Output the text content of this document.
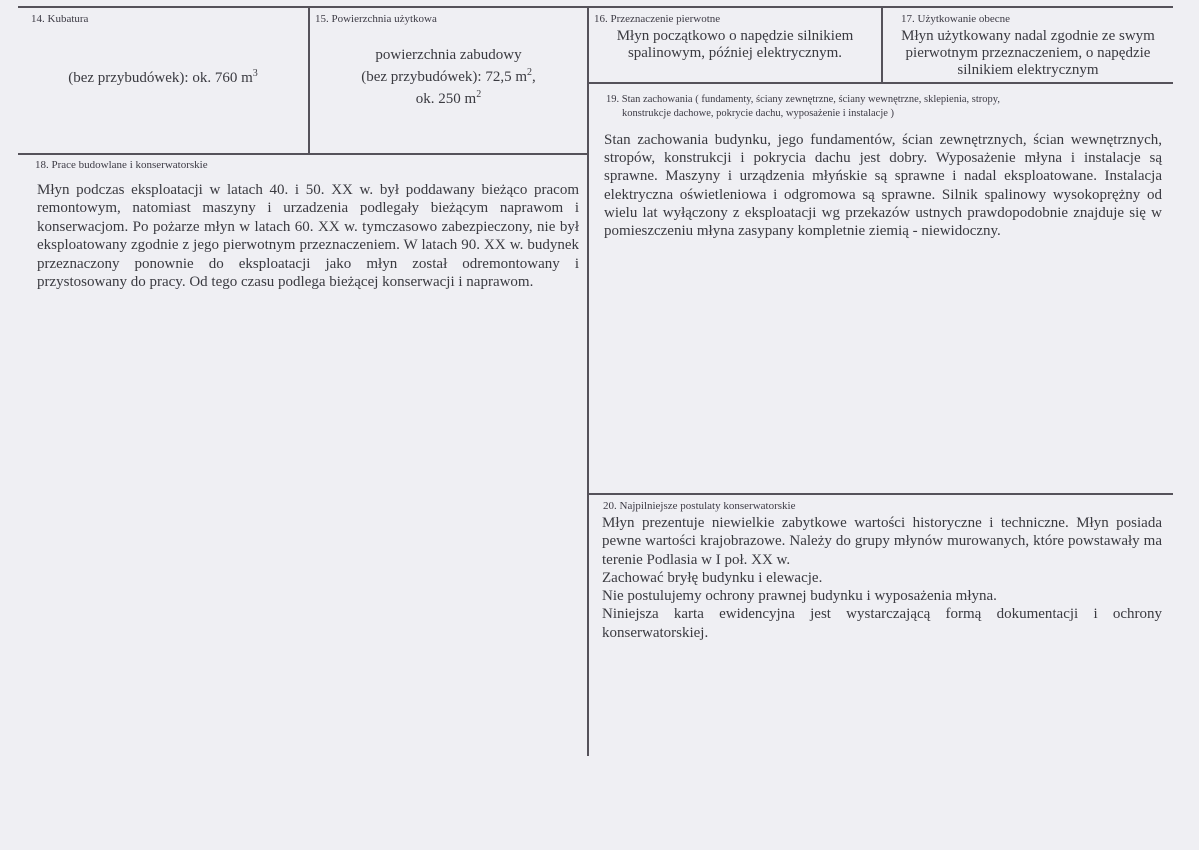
14. Kubatura
(bez przybudówek): ok. 760 $m^3$
15. Powierzchnia użytkowa
powierzchnia zabudowy
(bez przybudówek): 72,5 $m^2$,
ok. 250 $m^2$
16. Przeznaczenie pierwotne
Młyn początkowo o napędzie silnikiem spalinowym, później elektrycznym.
17. Użytkowanie obecne
Młyn użytkowany nadal zgodnie ze swym pierwotnym przeznaczeniem, o napędzie silnikiem elektrycznym
18. Prace budowlane i konserwatorskie
Młyn podczas eksploatacji w latach 40. i 50. XX w. był poddawany bieżąco pracom remontowym, natomiast maszyny i urzadzenia podlegały bieżącym naprawom i konserwacjom. Po pożarze młyn w latach 60. XX w. tymczasowo zabezpieczony, nie był eksploatowany zgodnie z jego pierwotnym przeznaczeniem. W latach 90. XX w. budynek przeznaczony ponownie do eksploatacji jako młyn został odremontowany i przystosowany do pracy. Od tego czasu podlega bieżącej konserwacji i naprawom.
19. Stan zachowania ( fundamenty, ściany zewnętrzne, ściany wewnętrzne, sklepienia, stropy,
konstrukcje dachowe, pokrycie dachu, wyposażenie i instalacje )
Stan zachowania budynku, jego fundamentów, ścian zewnętrznych, ścian wewnętrznych, stropów, konstrukcji i pokrycia dachu jest dobry. Wyposażenie młyna i instalacje są sprawne. Maszyny i urządzenia młyńskie są sprawne i nadal eksploatowane. Instalacja elektryczna oświetleniowa i odgromowa są sprawne. Silnik spalinowy wysokoprężny od wielu lat wyłączony z eksploatacji wg przekazów ustnych prawdopodobnie znajduje się w pomieszczeniu młyna zasypany kompletnie ziemią - niewidoczny.
20. Najpilniejsze postulaty konserwatorskie
Młyn prezentuje niewielkie zabytkowe wartości historyczne i techniczne. Młyn posiada pewne wartości krajobrazowe. Należy do grupy młynów murowanych, które powstawały ma terenie Podlasia w I poł. XX w.
Zachować bryłę budynku i elewacje.
Nie postulujemy ochrony prawnej budynku i wyposażenia młyna.
Niniejsza karta ewidencyjna jest wystarczającą formą dokumentacji i ochrony konserwatorskiej.
